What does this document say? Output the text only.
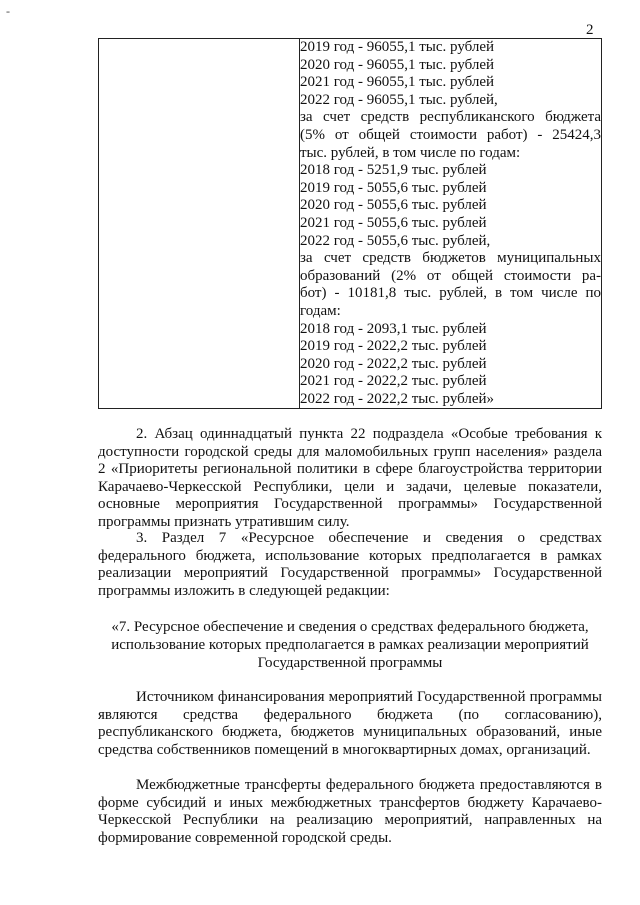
-
2

2019 год - 96055,1 тыс. рублей
2020 год - 96055,1 тыс. рублей
2021 год - 96055,1 тыс. рублей
2022 год - 96055,1 тыс. рублей,
за счет средств республиканского бюджета
(5% от общей стоимости работ) - 25424,3
тыс. рублей, в том числе по годам:
2018 год - 5251,9 тыс. рублей
2019 год - 5055,6 тыс. рублей
2020 год - 5055,6 тыс. рублей
2021 год - 5055,6 тыс. рублей
2022 год - 5055,6 тыс. рублей,
за счет средств бюджетов муниципальных
образований (2% от общей стоимости ра-
бот) - 10181,8 тыс. рублей, в том числе по
годам:
2018 год - 2093,1 тыс. рублей
2019 год - 2022,2 тыс. рублей
2020 год - 2022,2 тыс. рублей
2021 год - 2022,2 тыс. рублей
2022 год - 2022,2 тыс. рублей»
2. Абзац одиннадцатый пункта 22 подраздела «Особые требования к доступности городской среды для маломобильных групп населения» раздела 2 «Приоритеты региональной политики в сфере благоустройства территории Карачаево-Черкесской Республики, цели и задачи, целевые показатели, основные мероприятия Государственной программы» Государственной программы признать утратившим силу.
3. Раздел 7 «Ресурсное обеспечение и сведения о средствах федерального бюджета, использование которых предполагается в рамках реализации мероприятий Государственной программы» Государственной программы изложить в следующей редакции:
«7. Ресурсное обеспечение и сведения о средствах федерального бюджета,
использование которых предполагается в рамках реализации мероприятий
Государственной программы
Источником финансирования мероприятий Государственной программы являются средства федерального бюджета (по согласованию), республиканского бюджета, бюджетов муниципальных образований, иные средства собственников помещений в многоквартирных домах, организаций.
Межбюджетные трансферты федерального бюджета предоставляются в форме субсидий и иных межбюджетных трансфертов бюджету Карачаево-Черкесской Республики на реализацию мероприятий, направленных на формирование современной городской среды.
